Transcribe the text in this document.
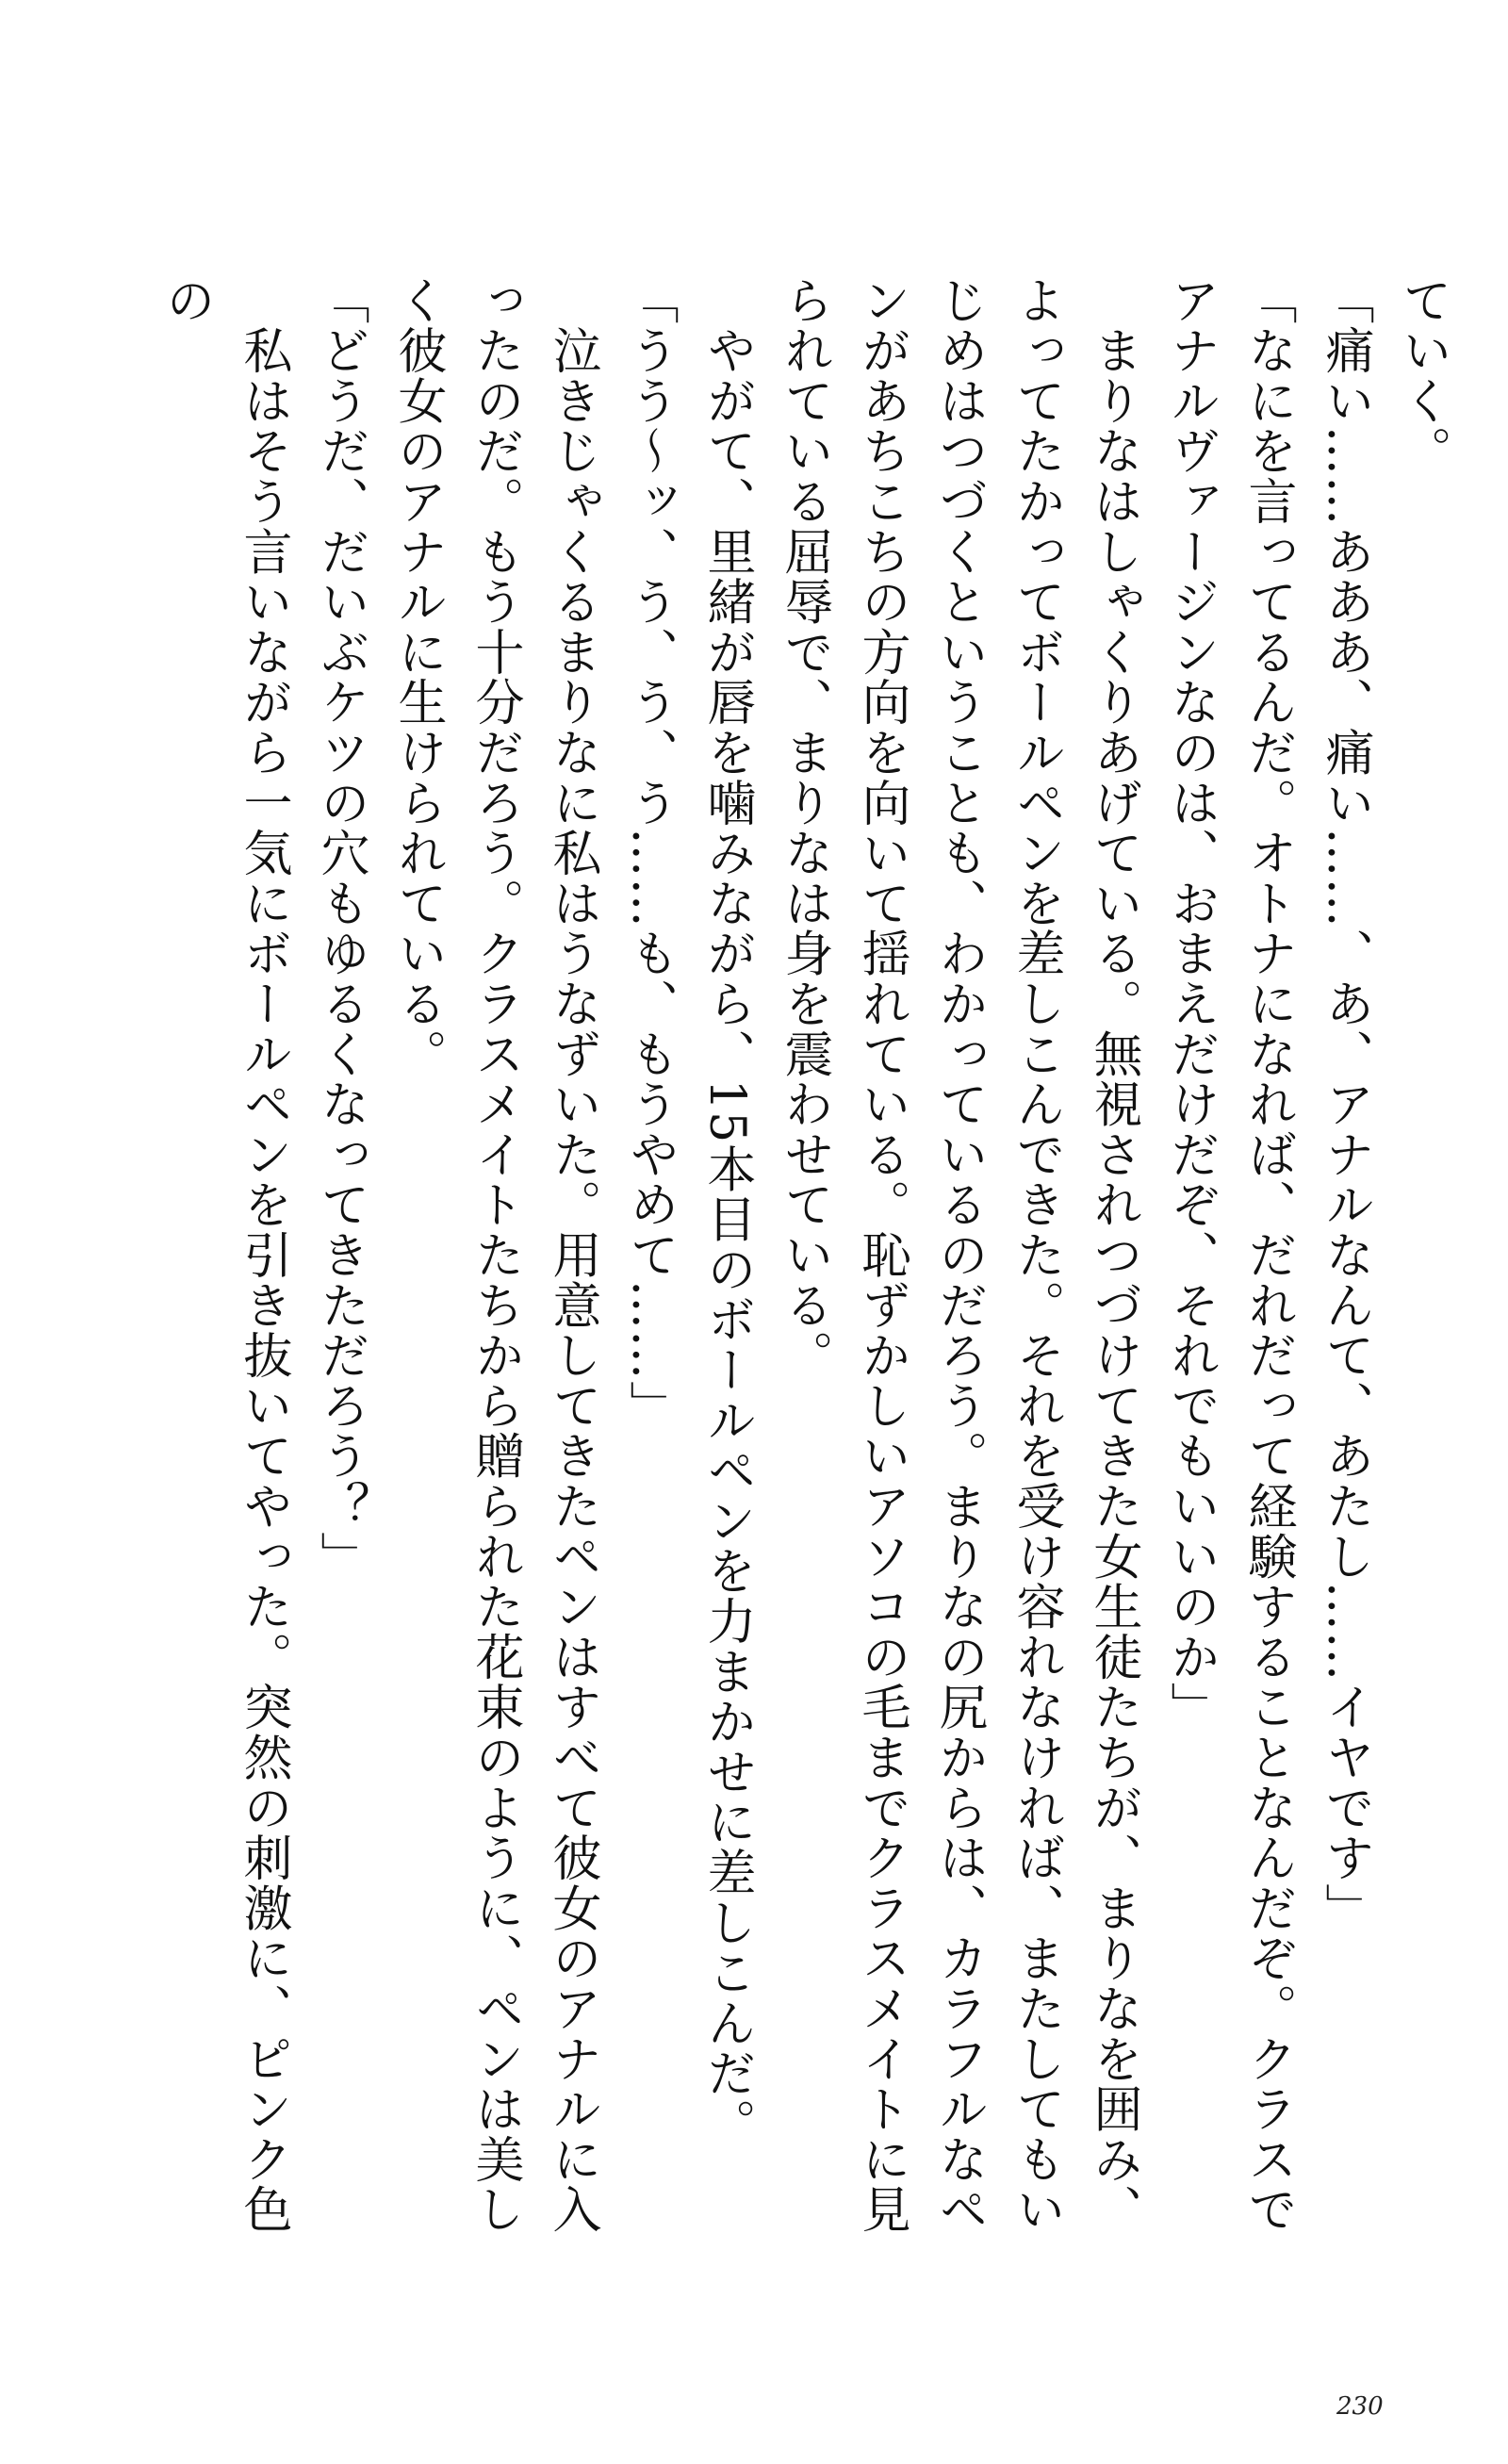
ていく。

「痛い……あああ、痛い……、あ、アナルなんて、あたし……イヤです」

「なにを言ってるんだ。オトナになれば、だれだって経験することなんだぞ。クラスでアナルヴァージンなのは、おまえだけだぞ、それでもいいのか」

　まりなはしゃくりあげている。無視されつづけてきた女生徒たちが、まりなを囲み、よってたかってボールペンを差しこんできた。それを受け容れなければ、またしてもいじめはつづくということも、わかっているのだろう。まりなの尻からは、カラフルなペンがあちこちの方向を向いて揺れている。恥ずかしいアソコの毛までクラスメイトに見られている屈辱で、まりなは身を震わせている。

　やがて、里緒が唇を噛みながら、15本目のボールペンを力まかせに差しこんだ。

「うう～ッ、う、う、う……も、もうやめて……」

　泣きじゃくるまりなに私はうなずいた。用意してきたペンはすべて彼女のアナルに入ったのだ。もう十分だろう。クラスメイトたちから贈られた花束のように、ペンは美しく彼女のアナルに生けられている。

「どうだ、だいぶケツの穴もゆるくなってきただろう？」

　私はそう言いながら一気にボールペンを引き抜いてやった。突然の刺激に、ピンク色の

230
